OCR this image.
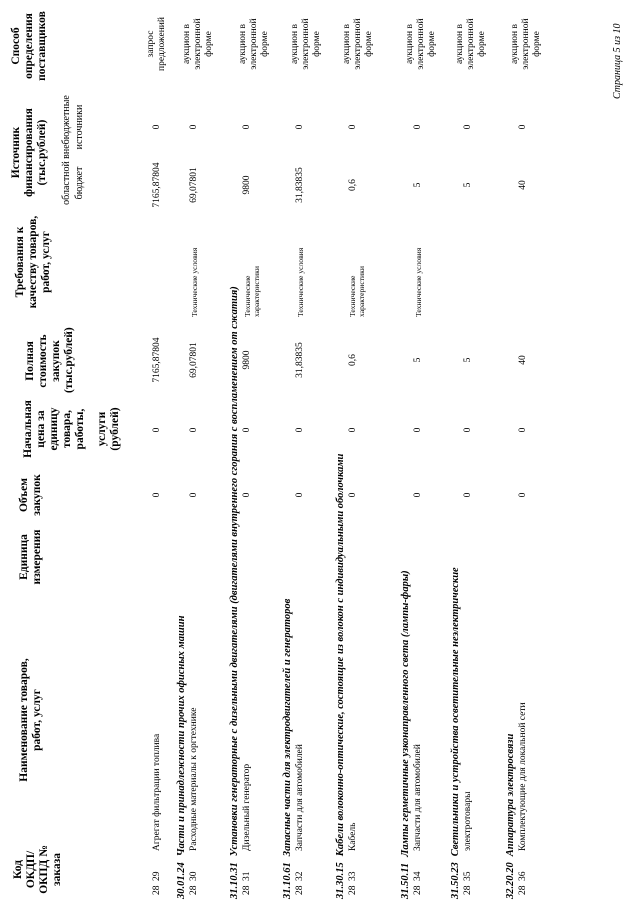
Код ОКДП/ ОКПД № заказа
Наименование товаров, работ, услуг
Единица измерения
Объем закупок
Начальная цена за единицу товара, работы, услуги (рублей)
Полная стоимость закупок (тыс.рублей)
Требования к качеству товаров, работ, услуг
Источник финансирования (тыс.рублей) областной бюджет
внебюджетные источники
Способ определения поставщиков
28
29
Агрегат фильтрации топлива
0
0
7165,87804
7165,87804
0
запрос предложений
30.01.24Части и принадлежности прочих офисных машин
28
30
Расходные материалы к оргтехнике
0
0
69,07801
Технические условия
69,07801
0
аукцион в электронной форме
31.10.31Установки генераторные с дизельными двигателями (двигателями внутреннего сгорания с воспламенением от сжатия)
28
31
Дизельный генератор
0
0
9800
Технические характеристики
9800
0
аукцион в электронной форме
31.10.61Запасные части для электродвигателей и генераторов
28
32
Запчасти для автомобилей
0
0
31,83835
Технические условия
31,83835
0
аукцион в электронной форме
31.30.15Кабели волоконно-оптические, состоящие из волокон с индивидуальными оболочками
28
33
Кабель
0
0
0,6
Технические характеристики
0,6
0
аукцион в электронной форме
31.50.11Лампы герметичные узконаправленного света (лампы-фары)
28
34
Запчасти для автомобилей
0
0
5
Технические условия
5
0
аукцион в электронной форме
31.50.23Светильники и устройства осветительные неэлектрические
28
35
электротовары
0
0
5
5
0
аукцион в электронной форме
32.20.20Аппаратура электросвязи
28
36
Комплектующие для локальной сети
0
0
40
40
0
аукцион в электронной форме	Страница 5 из 10
